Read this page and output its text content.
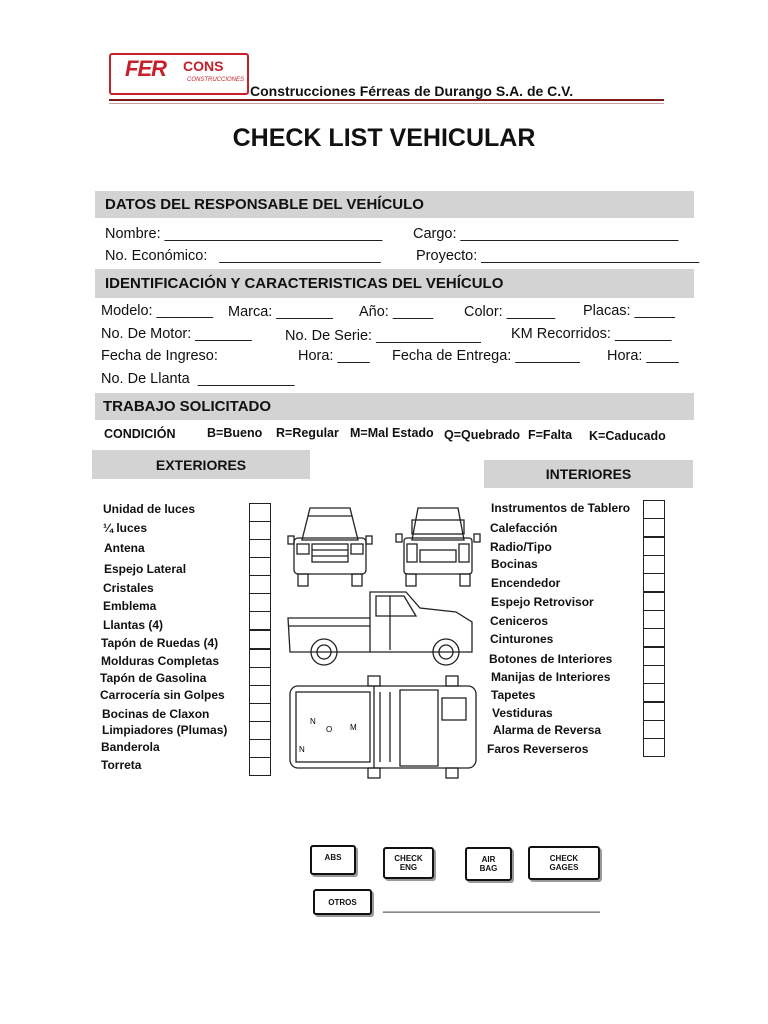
FER CONS
CONSTRUCCIONES
Construcciones Férreas de Durango S.A. de C.V.
CHECK LIST VEHICULAR
DATOS DEL RESPONSABLE DEL VEHÍCULO
Nombre: ___________________________ Cargo: ___________________________
No. Económico:   ____________________ Proyecto: ___________________________
IDENTIFICACIÓN Y CARACTERISTICAS DEL VEHÍCULO
Modelo: _______ Marca: _______ Año: _____ Color: ______ Placas: _____
No. De Motor: _______ No. De Serie: _____________ KM Recorridos: _______
Fecha de Ingreso:	Hora: ____ Fecha de Entrega: ________ Hora: ____
No. De Llanta  ____________
TRABAJO SOLICITADO
CONDICIÓN	B=Bueno R=Regular M=Mal Estado Q=Quebrado F=Falta K=Caducado
EXTERIORES
INTERIORES
Unidad de luces
¼ luces
Antena
Espejo Lateral
Cristales
Emblema
Llantas (4)
Tapón de Ruedas (4)
Molduras Completas
Tapón de Gasolina
Carrocería sin Golpes
Bocinas de Claxon
Limpiadores (Plumas)
Banderola
Torreta
Instrumentos de Tablero
Calefacción
Radio/Tipo
Bocinas
Encendedor
Espejo Retrovisor
Ceniceros
Cinturones
Botones de Interiores
Manijas de Interiores
Tapetes
Vestiduras
Alarma de Reversa
Faros Reverseros
N
O M
N
ABS	CHECK
ENG
AIR
BAG
CHECK
GAGES
OTROS ______________________________
